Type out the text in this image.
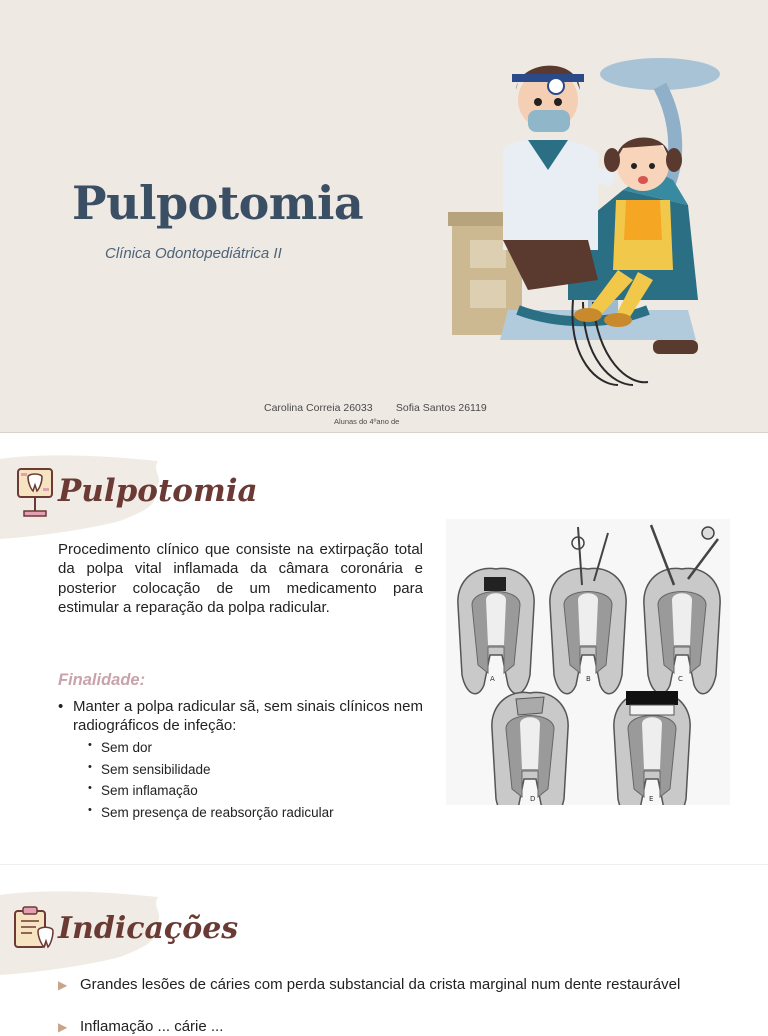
Pulpotomia
Clínica Odontopediátrica II
Carolina Correia 26033        Sofia Santos 26119
Alunas do 4ºano de
Pulpotomia

Procedimento clínico que consiste na extirpação total da polpa vital inflamada da câmara coronária e posterior colocação de um medicamento para estimular a reparação da polpa radicular.

Finalidade:
• Manter a polpa radicular sã, sem sinais clínicos nem radiográficos de infeção:
• Sem dor
• Sem sensibilidade
• Sem inflamação
• Sem presença de reabsorção radicular
A	B	C
D	E
Indicações
▶ Grandes lesões de cáries com perda substancial da crista marginal num dente restaurável
▶ Inflamação ... cárie ...
